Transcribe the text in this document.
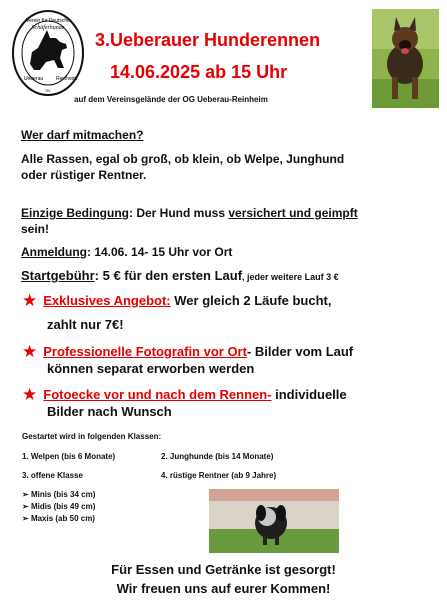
Verein für Deutsche
Schäferhunde
Ueberau	Reinheim
SV
3.Ueberauer Hunderennen
14.06.2025 ab 15 Uhr
auf dem Vereinsgelände der OG Ueberau-Reinheim
Wer darf mitmachen?
Alle Rassen, egal ob groß, ob klein, ob Welpe, Junghund
oder rüstiger Rentner.
Einzige Bedingung: Der Hund muss versichert und geimpft
sein!
Anmeldung: 14.06. 14- 15 Uhr vor Ort
Startgebühr: 5 € für den ersten Lauf, jeder weitere Lauf 3 €
★ Exklusives Angebot: Wer gleich 2 Läufe bucht,
zahlt nur 7€!
★ Professionelle Fotografin vor Ort- Bilder vom Lauf
können separat erworben werden
★ Fotoecke vor und nach dem Rennen- individuelle
Bilder nach Wunsch
Gestartet wird in folgenden Klassen:
1. Welpen (bis 6 Monate)	2. Junghunde (bis 14 Monate)
3. offene Klasse	4. rüstige Rentner (ab 9 Jahre)
➢ Minis (bis 34 cm)
➢ Midis (bis 49 cm)
➢ Maxis (ab 50 cm)
Für Essen und Getränke ist gesorgt!
Wir freuen uns auf eurer Kommen!
